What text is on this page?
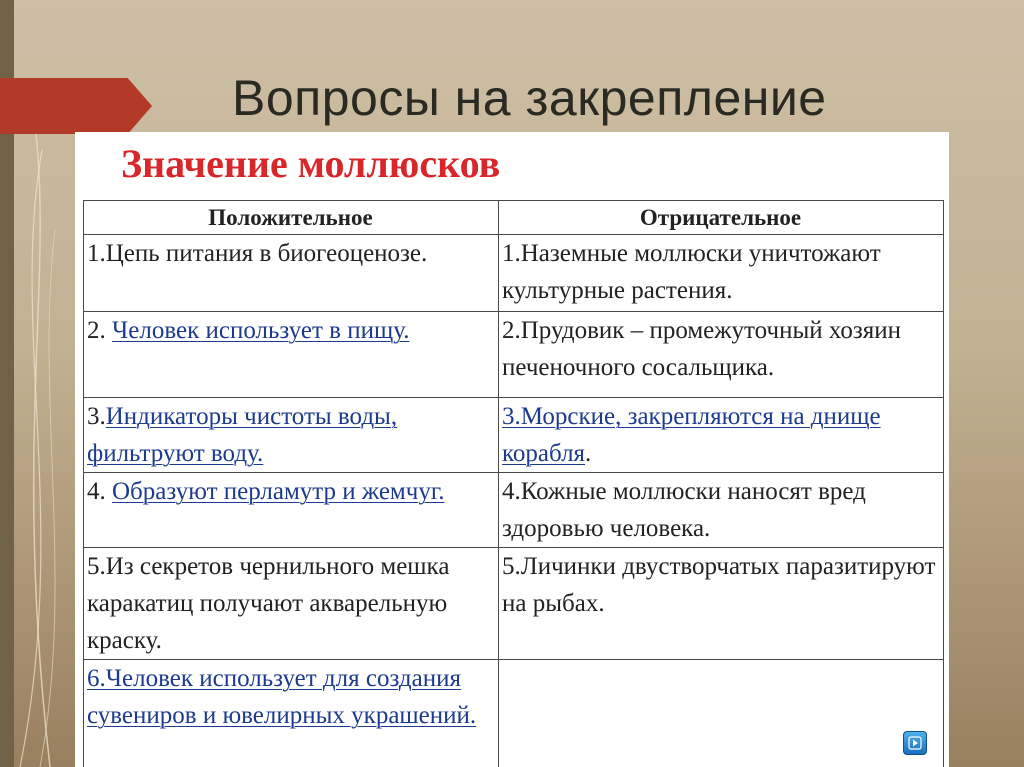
Вопросы на закрепление
Значение моллюсков
Положительное	Отрицательное
1.Цепь питания в биогеоценозе.	1.Наземные моллюски уничтожают культурные растения.
2. Человек использует в пищу.	2.Прудовик – промежуточный хозяин печеночного сосальщика.
3.Индикаторы чистоты воды, фильтруют воду.	3.Морские, закрепляются на днище корабля.
4. Образуют перламутр и жемчуг.	4.Кожные моллюски наносят вред здоровью человека.
5.Из секретов чернильного мешка каракатиц получают акварельную краску.	5.Личинки двустворчатых паразитируют на рыбах.
6.Человек использует для создания сувениров и ювелирных украшений.	
